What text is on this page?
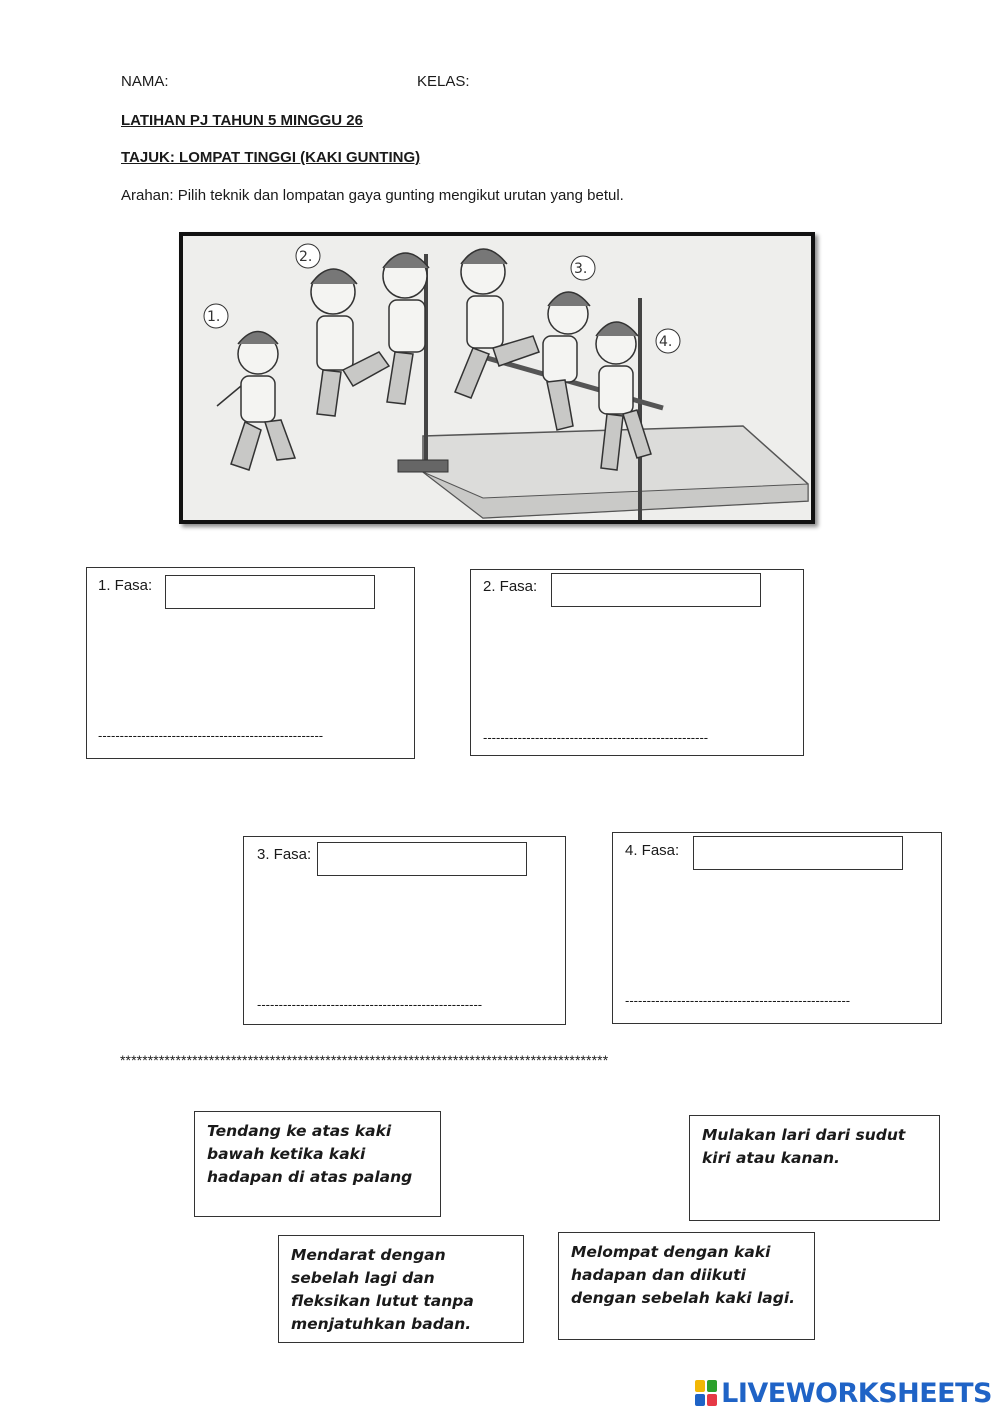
NAMA:	KELAS:
LATIHAN PJ TAHUN 5 MINGGU 26
TAJUK: LOMPAT TINGGI (KAKI GUNTING)
Arahan: Pilih teknik dan lompatan gaya gunting mengikut urutan yang betul.
1.
2.
3.
4.
1. Fasa:
----------------------------------------------------
2. Fasa:
----------------------------------------------------
3. Fasa:
----------------------------------------------------
4. Fasa:
----------------------------------------------------
****************************************************************************************
Tendang ke atas kaki bawah ketika kaki hadapan di atas palang
Mulakan lari dari sudut kiri atau kanan.
Mendarat dengan sebelah lagi dan fleksikan lutut tanpa menjatuhkan badan.
Melompat dengan kaki hadapan dan diikuti dengan sebelah kaki lagi.
LIVEWORKSHEETS
